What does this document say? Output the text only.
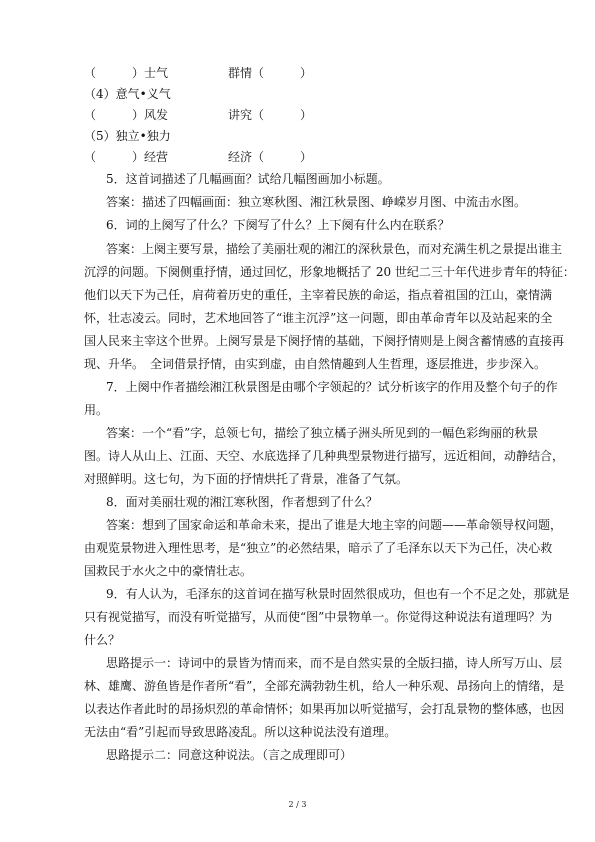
（　　　）士气	群情（　　　）
（4）意气•义气
（　　　）风发	讲究（　　　）
（5）独立•独力
（　　　）经营	经济（　　　）
5．这首词描述了几幅画面？试给几幅图画加小标题。
答案：描述了四幅画面：独立寒秋图、湘江秋景图、峥嵘岁月图、中流击水图。
6．词的上阕写了什么？下阕写了什么？上下阕有什么内在联系？
答案：上阕主要写景，描绘了美丽壮观的湘江的深秋景色，而对充满生机之景提出谁主
沉浮的问题。下阕侧重抒情，通过回忆，形象地概括了 20 世纪二三十年代进步青年的特征：
他们以天下为己任，肩荷着历史的重任，主宰着民族的命运，指点着祖国的江山，豪情满
怀，壮志凌云。同时，艺术地回答了“谁主沉浮”这一问题，即由革命青年以及站起来的全
国人民来主宰这个世界。上阕写景是下阕抒情的基础，下阕抒情则是上阕含蓄情感的直接再
现、升华。　全词借景抒情，由实到虚，由自然情趣到人生哲理，逐层推进，步步深入。
7．上阕中作者描绘湘江秋景图是由哪个字领起的？试分析该字的作用及整个句子的作
用。
答案：一个“看”字，总领七句，描绘了独立橘子洲头所见到的一幅色彩绚丽的秋景
图。诗人从山上、江面、天空、水底选择了几种典型景物进行描写，远近相间，动静结合，
对照鲜明。这七句，为下面的抒情烘托了背景，准备了气氛。
8．面对美丽壮观的湘江寒秋图，作者想到了什么？
答案：想到了国家命运和革命未来，提出了谁是大地主宰的问题——革命领导权问题，
由观览景物进入理性思考，是“独立”的必然结果，暗示了了毛泽东以天下为己任，决心救
国救民于水火之中的豪情壮志。
9．有人认为，毛泽东的这首词在描写秋景时固然很成功，但也有一个不足之处，那就是
只有视觉描写，而没有听觉描写，从而使“图”中景物单一。你觉得这种说法有道理吗？为
什么？
思路提示一：诗词中的景皆为情而来，而不是自然实景的全版扫描，诗人所写万山、层
林、雄鹰、游鱼皆是作者所“看”，全部充满勃勃生机，给人一种乐观、昂扬向上的情绪，是
以表达作者此时的昂扬炽烈的革命情怀；如果再加以听觉描写，会打乱景物的整体感，也因
无法由“看”引起而导致思路凌乱。所以这种说法没有道理。
思路提示二：同意这种说法。（言之成理即可）
2 / 3
